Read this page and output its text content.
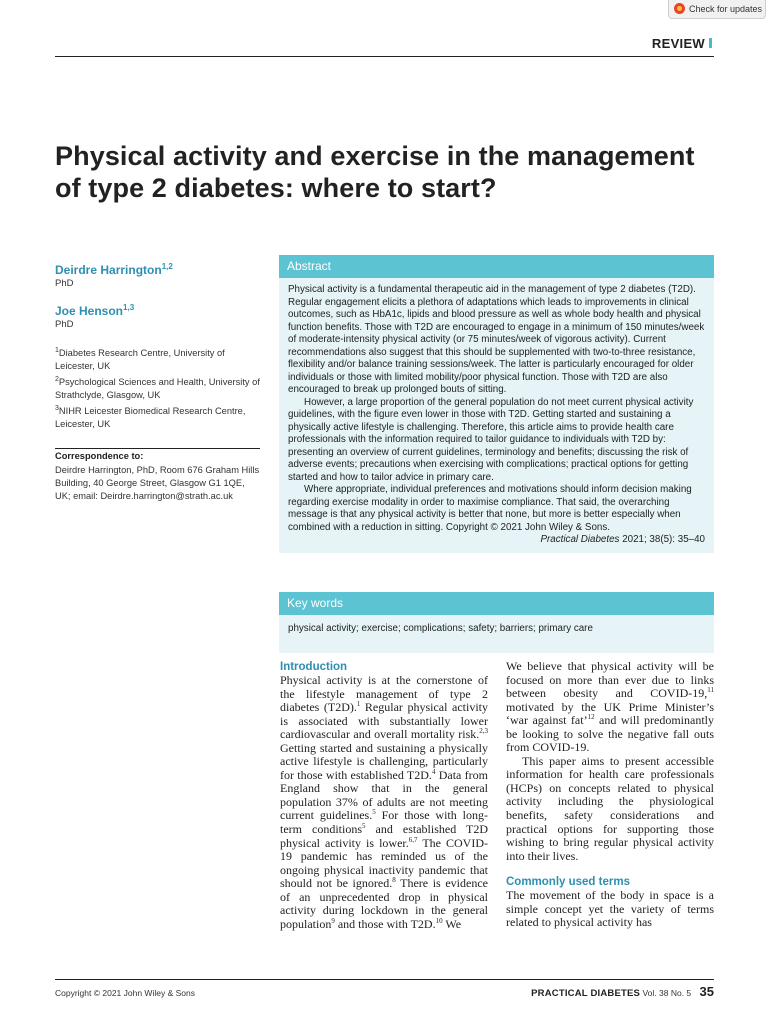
Check for updates
REVIEW
Physical activity and exercise in the management of type 2 diabetes: where to start?
Deirdre Harrington$^{1,2}$
PhD
Joe Henson$^{1,3}$
PhD
$^1$Diabetes Research Centre, University of Leicester, UK
$^2$Psychological Sciences and Health, University of Strathclyde, Glasgow, UK
$^3$NIHR Leicester Biomedical Research Centre, Leicester, UK
Correspondence to:
Deirdre Harrington, PhD, Room 676 Graham Hills Building, 40 George Street, Glasgow G1 1QE, UK; email: Deirdre.harrington@strath.ac.uk
Abstract

Physical activity is a fundamental therapeutic aid in the management of type 2 diabetes (T2D). Regular engagement elicits a plethora of adaptations which leads to improvements in clinical outcomes, such as HbA1c, lipids and blood pressure as well as whole body health and physical function benefits. Those with T2D are encouraged to engage in a minimum of 150 minutes/week of moderate-intensity physical activity (or 75 minutes/week of vigorous activity). Current recommendations also suggest that this should be supplemented with two-to-three resistance, flexibility and/or balance training sessions/week. The latter is particularly encouraged for older individuals or those with limited mobility/poor physical function. Those with T2D are also encouraged to break up prolonged bouts of sitting.

However, a large proportion of the general population do not meet current physical activity guidelines, with the figure even lower in those with T2D. Getting started and sustaining a physically active lifestyle is challenging. Therefore, this article aims to provide health care professionals with the information required to tailor guidance to individuals with T2D by: presenting an overview of current guidelines, terminology and benefits; discussing the risk of adverse events; precautions when exercising with complications; practical options for getting started and how to tailor advice in primary care.

Where appropriate, individual preferences and motivations should inform decision making regarding exercise modality in order to maximise compliance. That said, the overarching message is that any physical activity is better that none, but more is better especially when combined with a reduction in sitting. Copyright © 2021 John Wiley & Sons.

Practical Diabetes 2021; 38(5): 35–40
Key words
physical activity; exercise; complications; safety; barriers; primary care
Introduction

Physical activity is at the cornerstone of the lifestyle management of type 2 diabetes (T2D).$^1$ Regular physical activity is associated with substantially lower cardiovascular and overall mortality risk.$^{2,3}$ Getting started and sustaining a physically active lifestyle is challenging, particularly for those with established T2D.$^4$ Data from England show that in the general population 37% of adults are not meeting current guidelines.$^5$ For those with long-term conditions$^5$ and established T2D physical activity is lower.$^{6,7}$ The COVID-19 pandemic has reminded us of the ongoing physical inactivity pandemic that should not be ignored.$^8$ There is evidence of an unprecedented drop in physical activity during lockdown in the general population$^9$ and those with T2D.$^{10}$ We

We believe that physical activity will be focused on more than ever due to links between obesity and COVID-19,11 motivated by the UK Prime Minister’s ‘war against fat’$^{12}$ and will predominantly be looking to solve the negative fall outs from COVID-19.

This paper aims to present accessible information for health care professionals (HCPs) on concepts related to physical activity including the physiological benefits, safety considerations and practical options for supporting those wishing to bring regular physical activity into their lives.

Commonly used terms

The movement of the body in space is a simple concept yet the variety of terms related to physical activity has

Copyright © 2021 John Wiley & Sons	PRACTICAL DIABETES Vol. 38 No. 5 35
